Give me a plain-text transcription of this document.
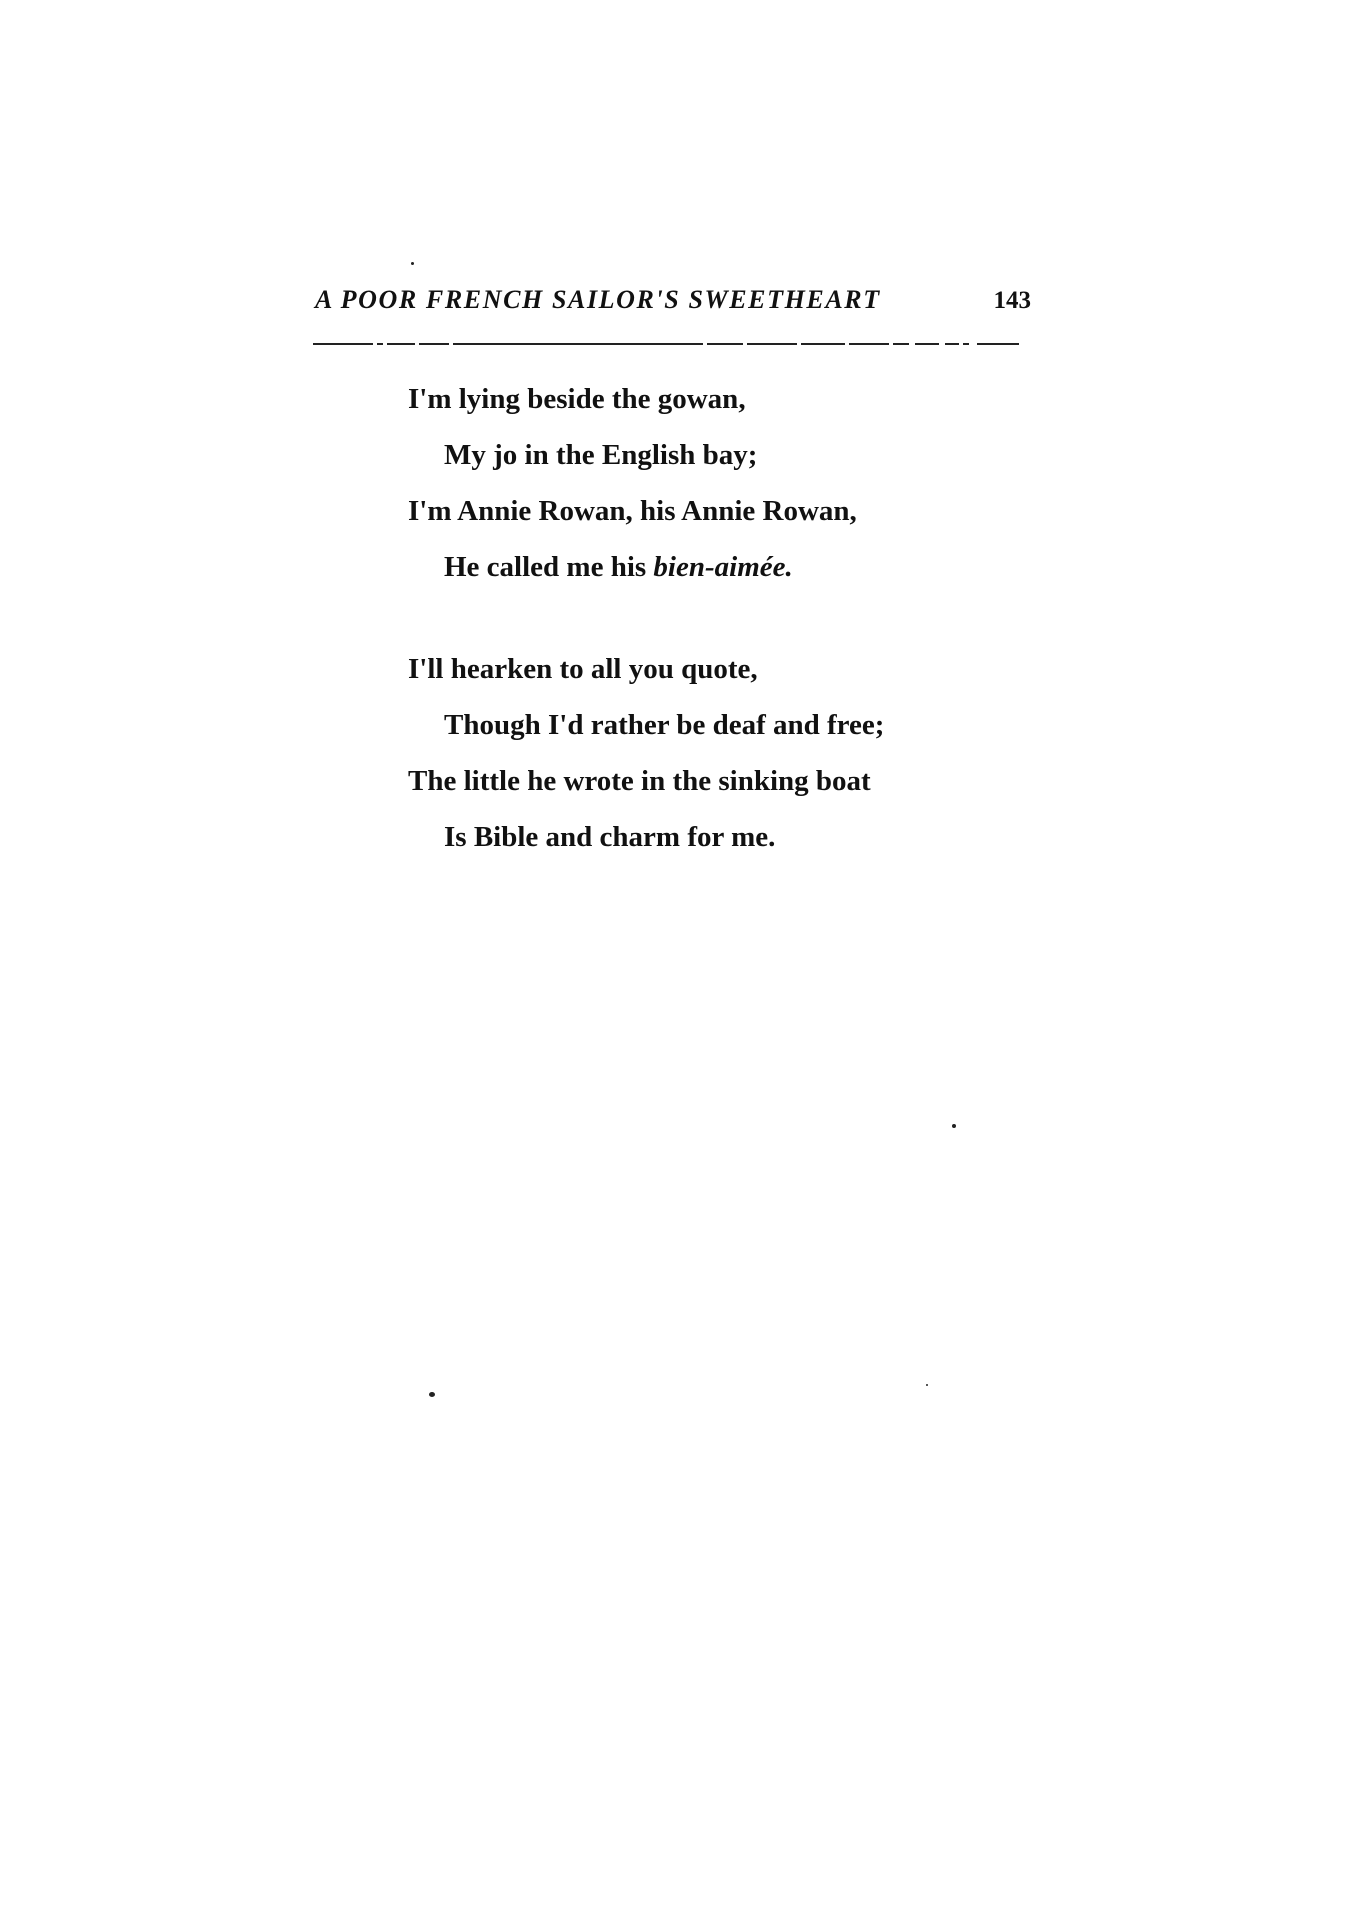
A POOR FRENCH SAILOR'S SWEETHEART	143
I'm lying beside the gowan,
My jo in the English bay;
I'm Annie Rowan, his Annie Rowan,
He called me his bien-aimée.
I'll hearken to all you quote,
Though I'd rather be deaf and free;
The little he wrote in the sinking boat
Is Bible and charm for me.
